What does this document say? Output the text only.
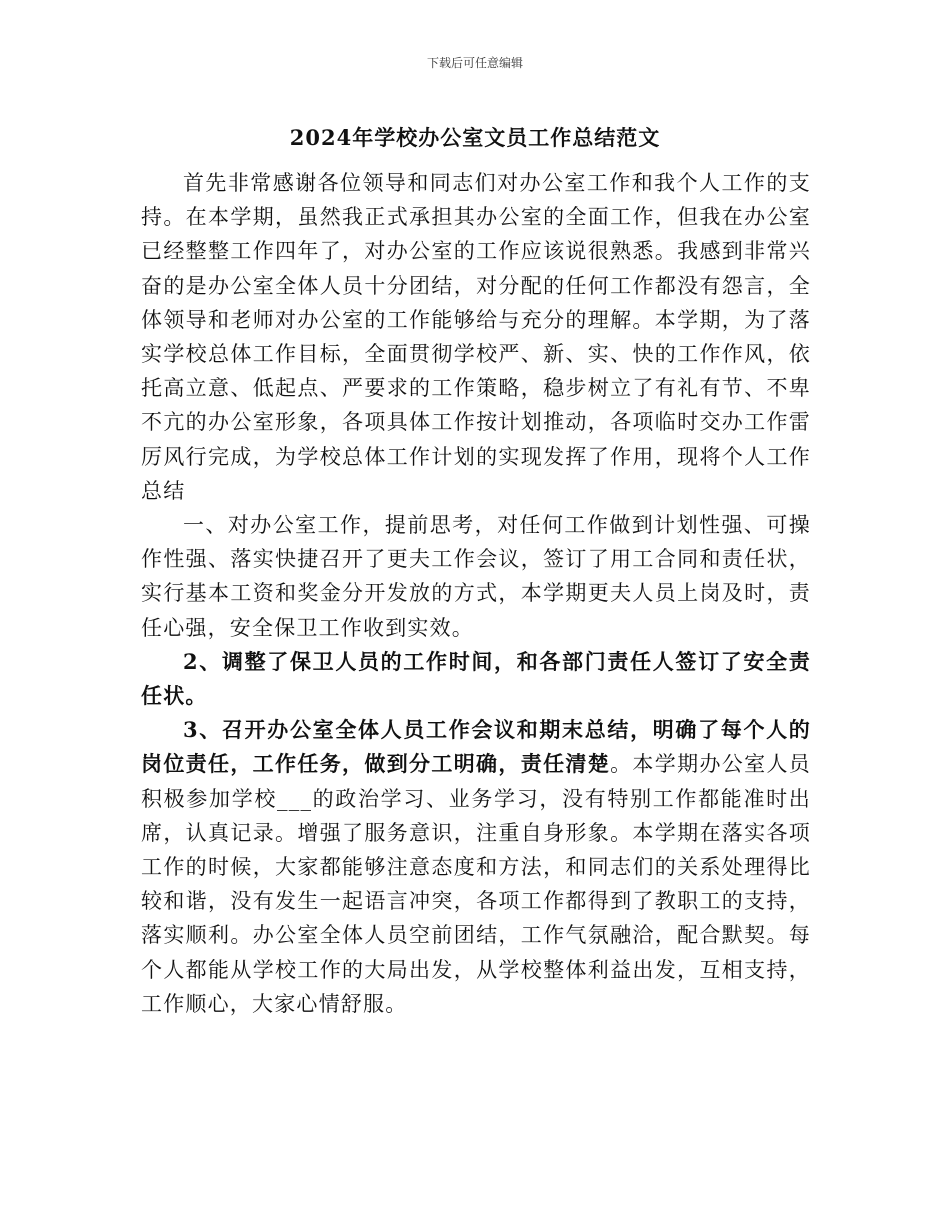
下载后可任意编辑
2024年学校办公室文员工作总结范文

首先非常感谢各位领导和同志们对办公室工作和我个人工作的支持。在本学期，虽然我正式承担其办公室的全面工作，但我在办公室已经整整工作四年了，对办公室的工作应该说很熟悉。我感到非常兴奋的是办公室全体人员十分团结，对分配的任何工作都没有怨言，全体领导和老师对办公室的工作能够给与充分的理解。本学期，为了落实学校总体工作目标，全面贯彻学校严、新、实、快的工作作风，依托高立意、低起点、严要求的工作策略，稳步树立了有礼有节、不卑不亢的办公室形象，各项具体工作按计划推动，各项临时交办工作雷厉风行完成，为学校总体工作计划的实现发挥了作用，现将个人工作总结

一、对办公室工作，提前思考，对任何工作做到计划性强、可操作性强、落实快捷召开了更夫工作会议，签订了用工合同和责任状，实行基本工资和奖金分开发放的方式，本学期更夫人员上岗及时，责任心强，安全保卫工作收到实效。

2、调整了保卫人员的工作时间，和各部门责任人签订了安全责任状。

3、召开办公室全体人员工作会议和期末总结，明确了每个人的岗位责任，工作任务，做到分工明确，责任清楚。本学期办公室人员积极参加学校___的政治学习、业务学习，没有特别工作都能准时出席，认真记录。增强了服务意识，注重自身形象。本学期在落实各项工作的时候，大家都能够注意态度和方法，和同志们的关系处理得比较和谐，没有发生一起语言冲突，各项工作都得到了教职工的支持，落实顺利。办公室全体人员空前团结，工作气氛融洽，配合默契。每个人都能从学校工作的大局出发，从学校整体利益出发，互相支持，工作顺心，大家心情舒服。
